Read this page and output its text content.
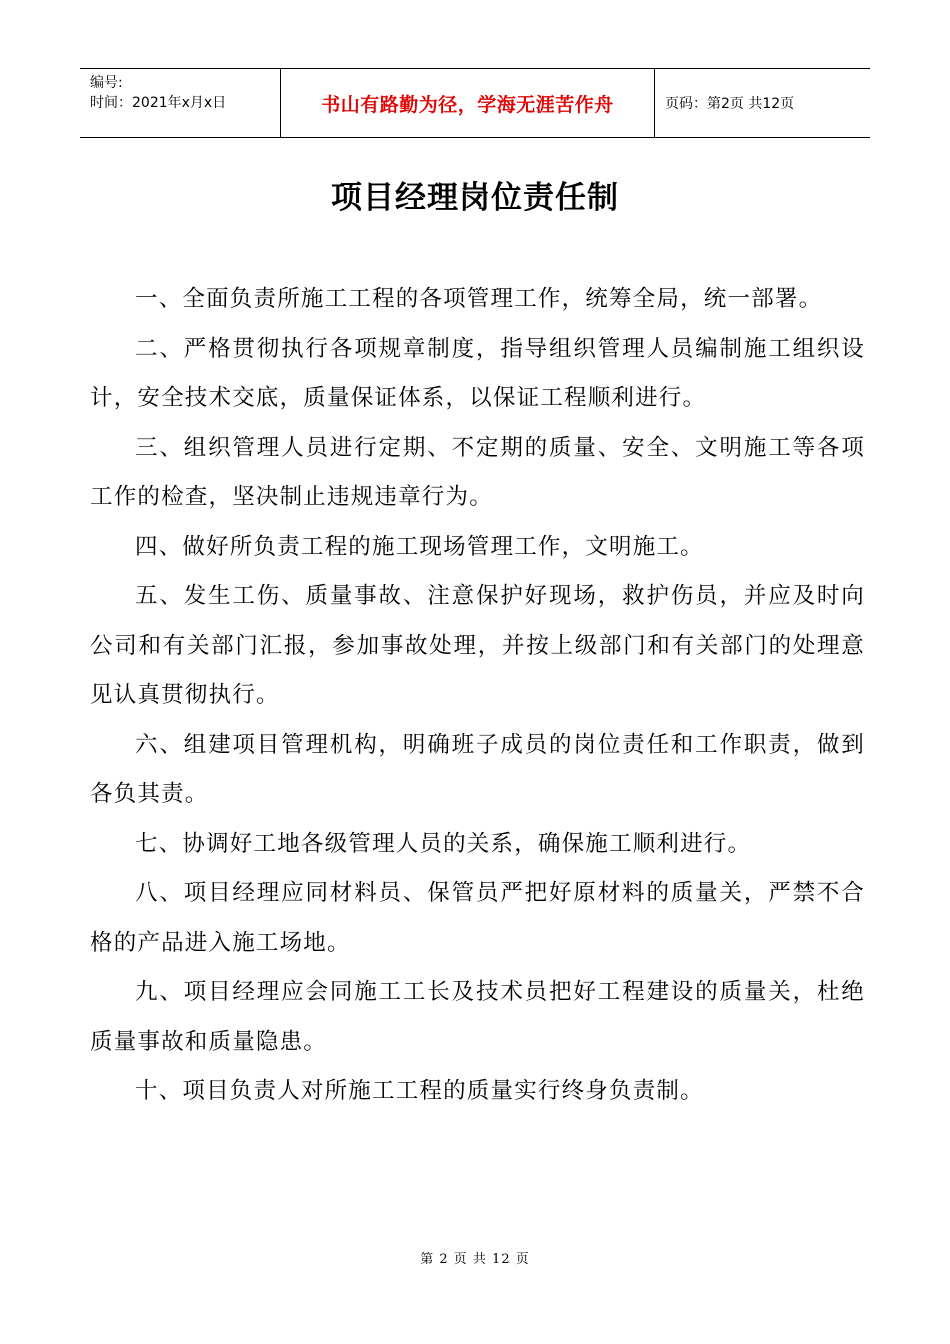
编号:
时间：2021年x月x日	书山有路勤为径，学海无涯苦作舟	页码：第2页 共12页
项目经理岗位责任制

一、全面负责所施工工程的各项管理工作，统筹全局，统一部署。

二、严格贯彻执行各项规章制度，指导组织管理人员编制施工组织设计，安全技术交底，质量保证体系，以保证工程顺利进行。

三、组织管理人员进行定期、不定期的质量、安全、文明施工等各项工作的检查，坚决制止违规违章行为。

四、做好所负责工程的施工现场管理工作，文明施工。

五、发生工伤、质量事故、注意保护好现场，救护伤员，并应及时向公司和有关部门汇报，参加事故处理，并按上级部门和有关部门的处理意见认真贯彻执行。

六、组建项目管理机构，明确班子成员的岗位责任和工作职责，做到各负其责。

七、协调好工地各级管理人员的关系，确保施工顺利进行。

八、项目经理应同材料员、保管员严把好原材料的质量关，严禁不合格的产品进入施工场地。

九、项目经理应会同施工工长及技术员把好工程建设的质量关，杜绝质量事故和质量隐患。

十、项目负责人对所施工工程的质量实行终身负责制。

第 2 页 共 12 页
